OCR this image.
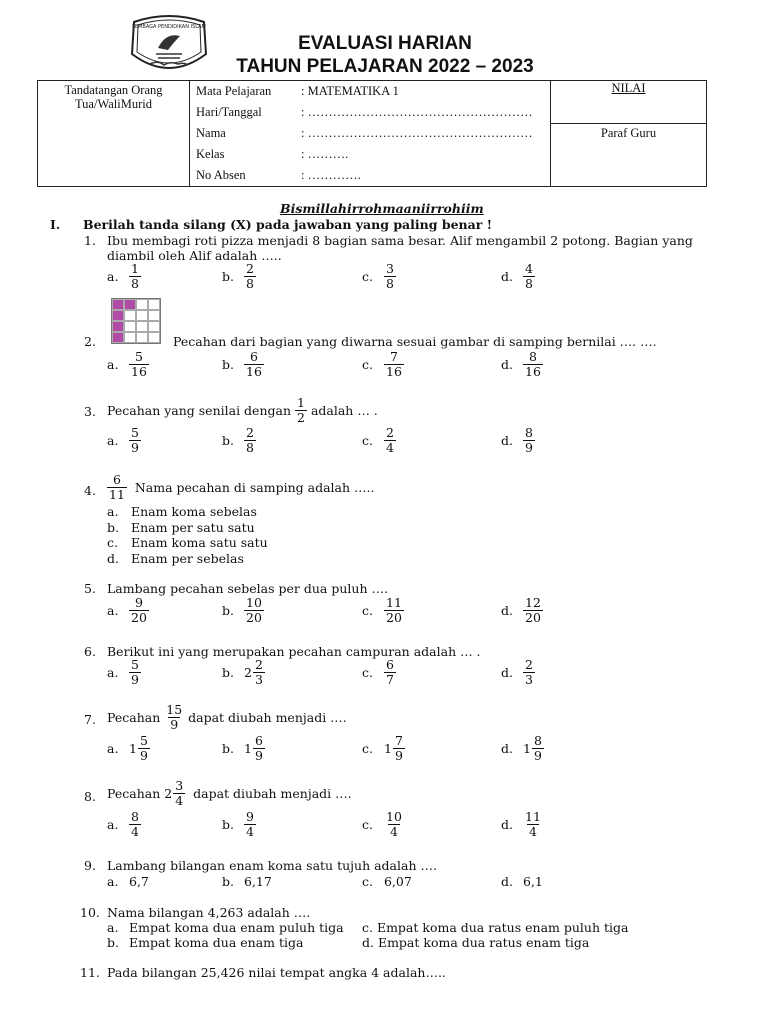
LEMBAGA PENDIDIKAN ISLAM
EVALUASI HARIAN
TAHUN PELAJARAN 2022 – 2023
Tandatangan Orang Tua/WaliMurid	
Mata Pelajaran	: MATEMATIKA 1
Hari/Tanggal	: ………………………………………………
Nama	: ………………………………………………
Kelas	: ……….
No Absen	: ………….

NILAI
Paraf Guru
Bismillahirrohmaaniirrohiim
I. Berilah tanda silang (X) pada jawaban yang paling benar !
1. Ibu membagi roti pizza menjadi 8 bagian sama besar. Alif mengambil 2 potong. Bagian yang
diambil oleh Alif adalah …..
a. $\frac{1}{8}$	b. $\frac{2}{8}$	c. $\frac{3}{8}$	d. $\frac{4}{8}$
2.	Pecahan dari bagian yang diwarna sesuai gambar di samping bernilai …. ….
a. $\frac{5}{16}$	b. $\frac{6}{16}$	c. $\frac{7}{16}$	d. $\frac{8}{16}$
3. Pecahan yang senilai dengan
$\frac{1}{2}$
adalah … .
a. $\frac{5}{9}$	b. $\frac{2}{8}$	c. $\frac{2}{4}$	d. $\frac{8}{9}$
4. $\frac{6}{11}$
Nama pecahan di samping adalah …..
a. Enam koma sebelas
b. Enam per satu satu
c. Enam koma satu satu
d. Enam per sebelas
5. Lambang pecahan sebelas per dua puluh ….
a. $\frac{9}{20}$	b. $\frac{10}{20}$	c. $\frac{11}{20}$	d. $\frac{12}{20}$
6. Berikut ini yang merupakan pecahan campuran adalah … .
a. $\frac{5}{9}$	b. $2 \frac{2}{3}$	c. $\frac{6}{7}$	d. $\frac{2}{3}$
7. Pecahan
$\frac{15}{9}$
dapat diubah menjadi ….
a. $1 \frac{5}{9}$	b. $1 \frac{6}{9}$	c. $1 \frac{7}{9}$	d. $1 \frac{8}{9}$
8. Pecahan
$2 \frac{3}{4}$
dapat diubah menjadi ….
a. $\frac{8}{4}$	b. $\frac{9}{4}$	c. $\frac{10}{4}$	d. $\frac{11}{4}$
9. Lambang bilangan enam koma satu tujuh adalah ….
a. 6,7	b. 6,17	c. 6,07	d. 6,1
10. Nama bilangan 4,263 adalah ….
a. Empat koma dua enam puluh tiga c. Empat koma dua ratus enam puluh tiga
b. Empat koma dua enam tiga	d. Empat koma dua ratus enam tiga
11. Pada bilangan 25,426 nilai tempat angka 4 adalah…..
